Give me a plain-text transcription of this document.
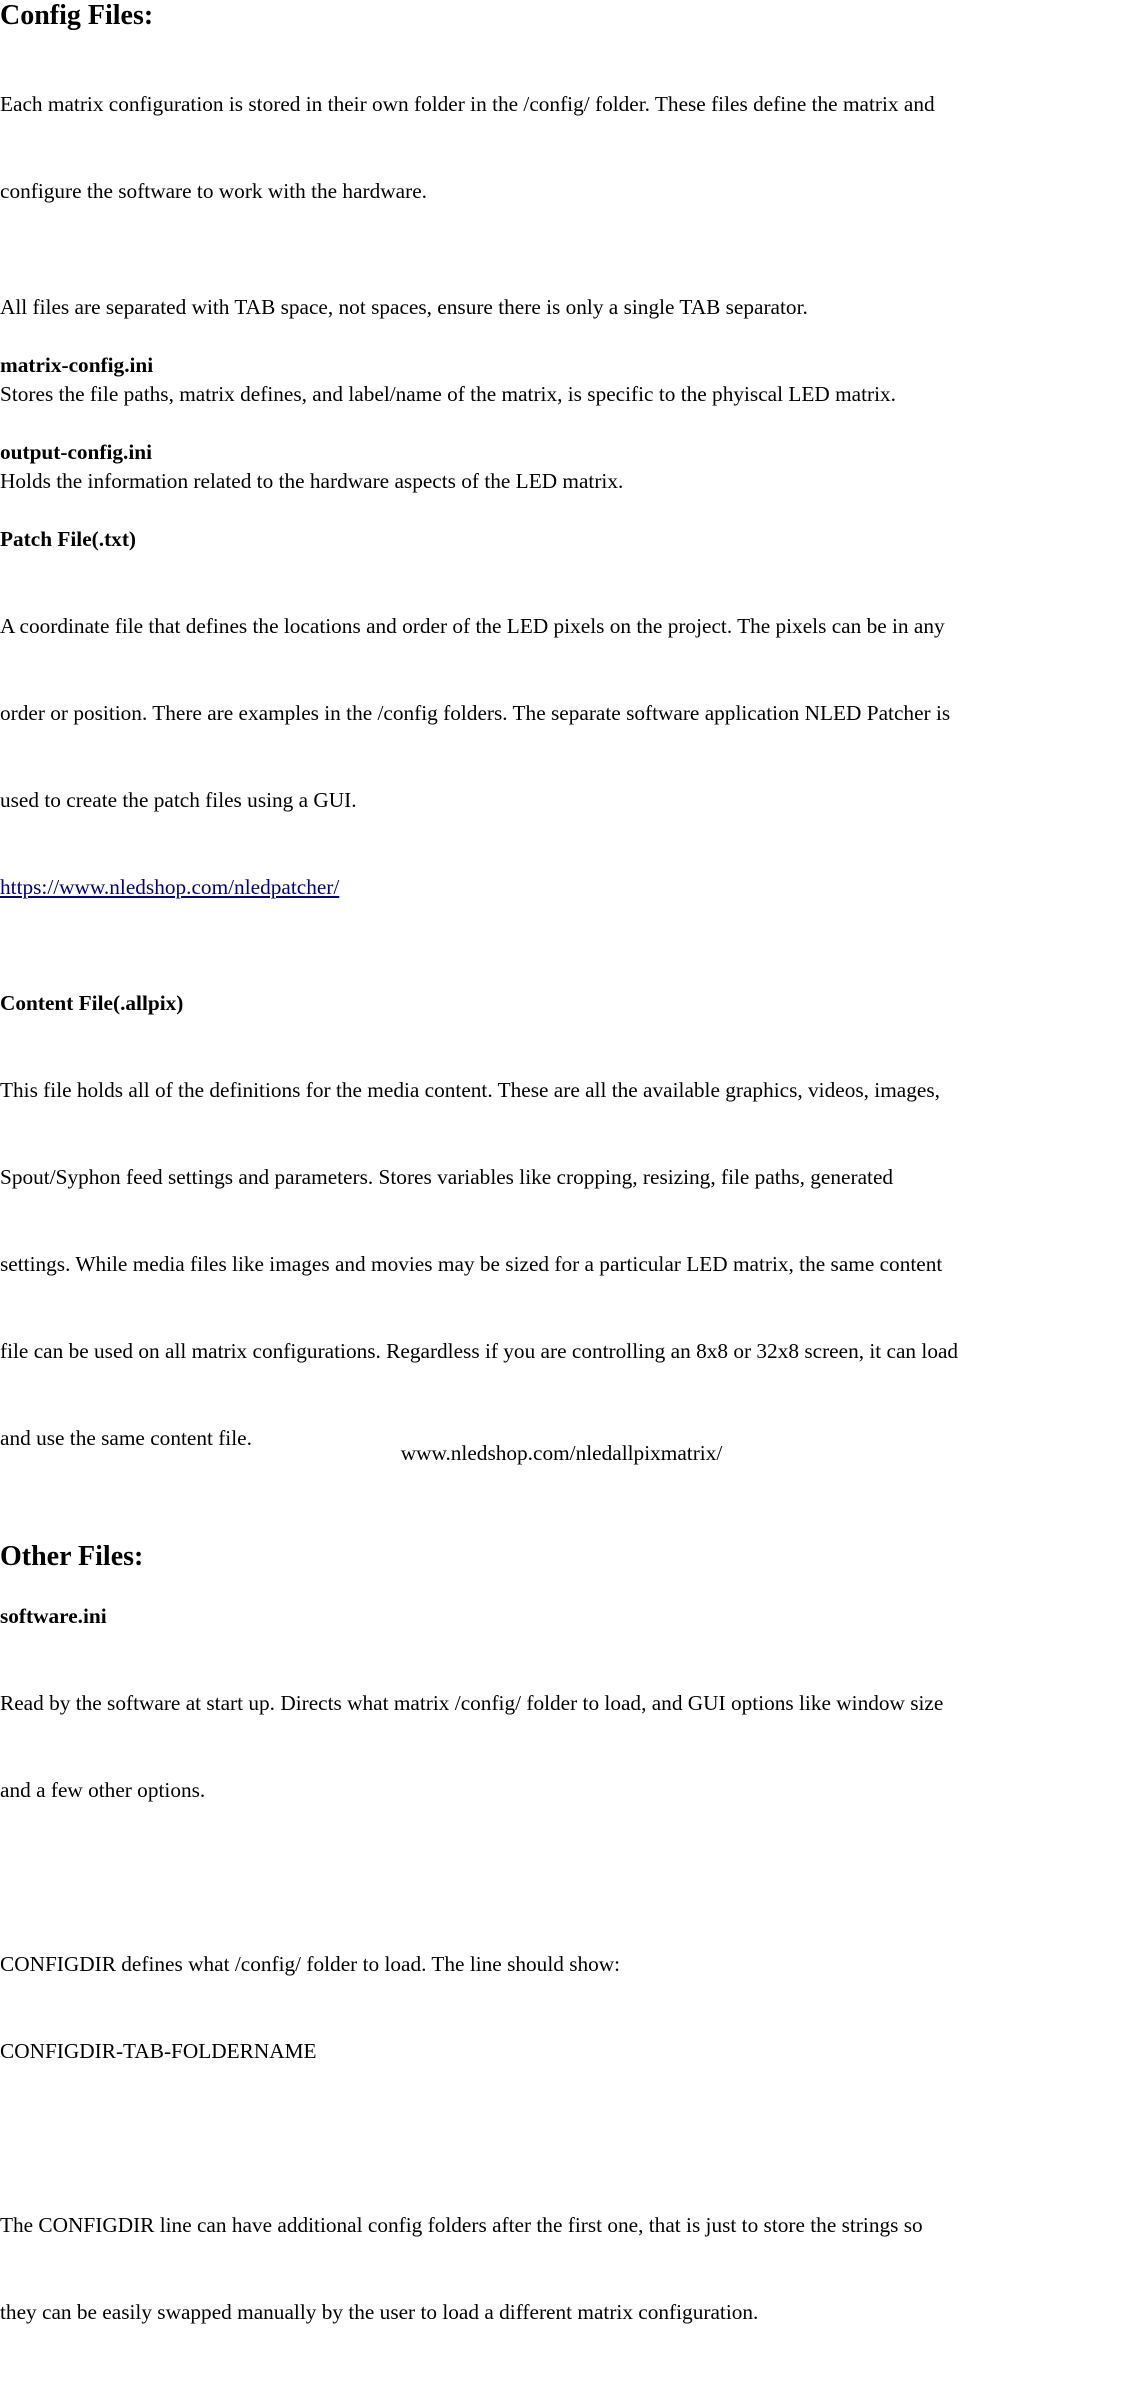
Config Files:

Each matrix configuration is stored in their own folder in the /config/ folder. These files define the matrix and

configure the software to work with the hardware.

All files are separated with TAB space, not spaces, ensure there is only a single TAB separator.
matrix-config.ini
Stores the file paths, matrix defines, and label/name of the matrix, is specific to the phyiscal LED matrix.
output-config.ini
Holds the information related to the hardware aspects of the LED matrix.
Patch File(.txt)

A coordinate file that defines the locations and order of the LED pixels on the project. The pixels can be in any

order or position. There are examples in the /config folders. The separate software application NLED Patcher is

used to create the patch files using a GUI.

https://www.nledshop.com/nledpatcher/

Content File(.allpix)

This file holds all of the definitions for the media content. These are all the available graphics, videos, images,

Spout/Syphon feed settings and parameters. Stores variables like cropping, resizing, file paths, generated

settings. While media files like images and movies may be sized for a particular LED matrix, the same content

file can be used on all matrix configurations. Regardless if you are controlling an 8x8 or 32x8 screen, it can load

and use the same content file.

Other Files:
software.ini

Read by the software at start up. Directs what matrix /config/ folder to load, and GUI options like window size

and a few other options.

CONFIGDIR defines what /config/ folder to load. The line should show:

CONFIGDIR-TAB-FOLDERNAME

The CONFIGDIR line can have additional config folders after the first one, that is just to store the strings so

they can be easily swapped manually by the user to load a different matrix configuration.

www.nledshop.com/nledallpixmatrix/
